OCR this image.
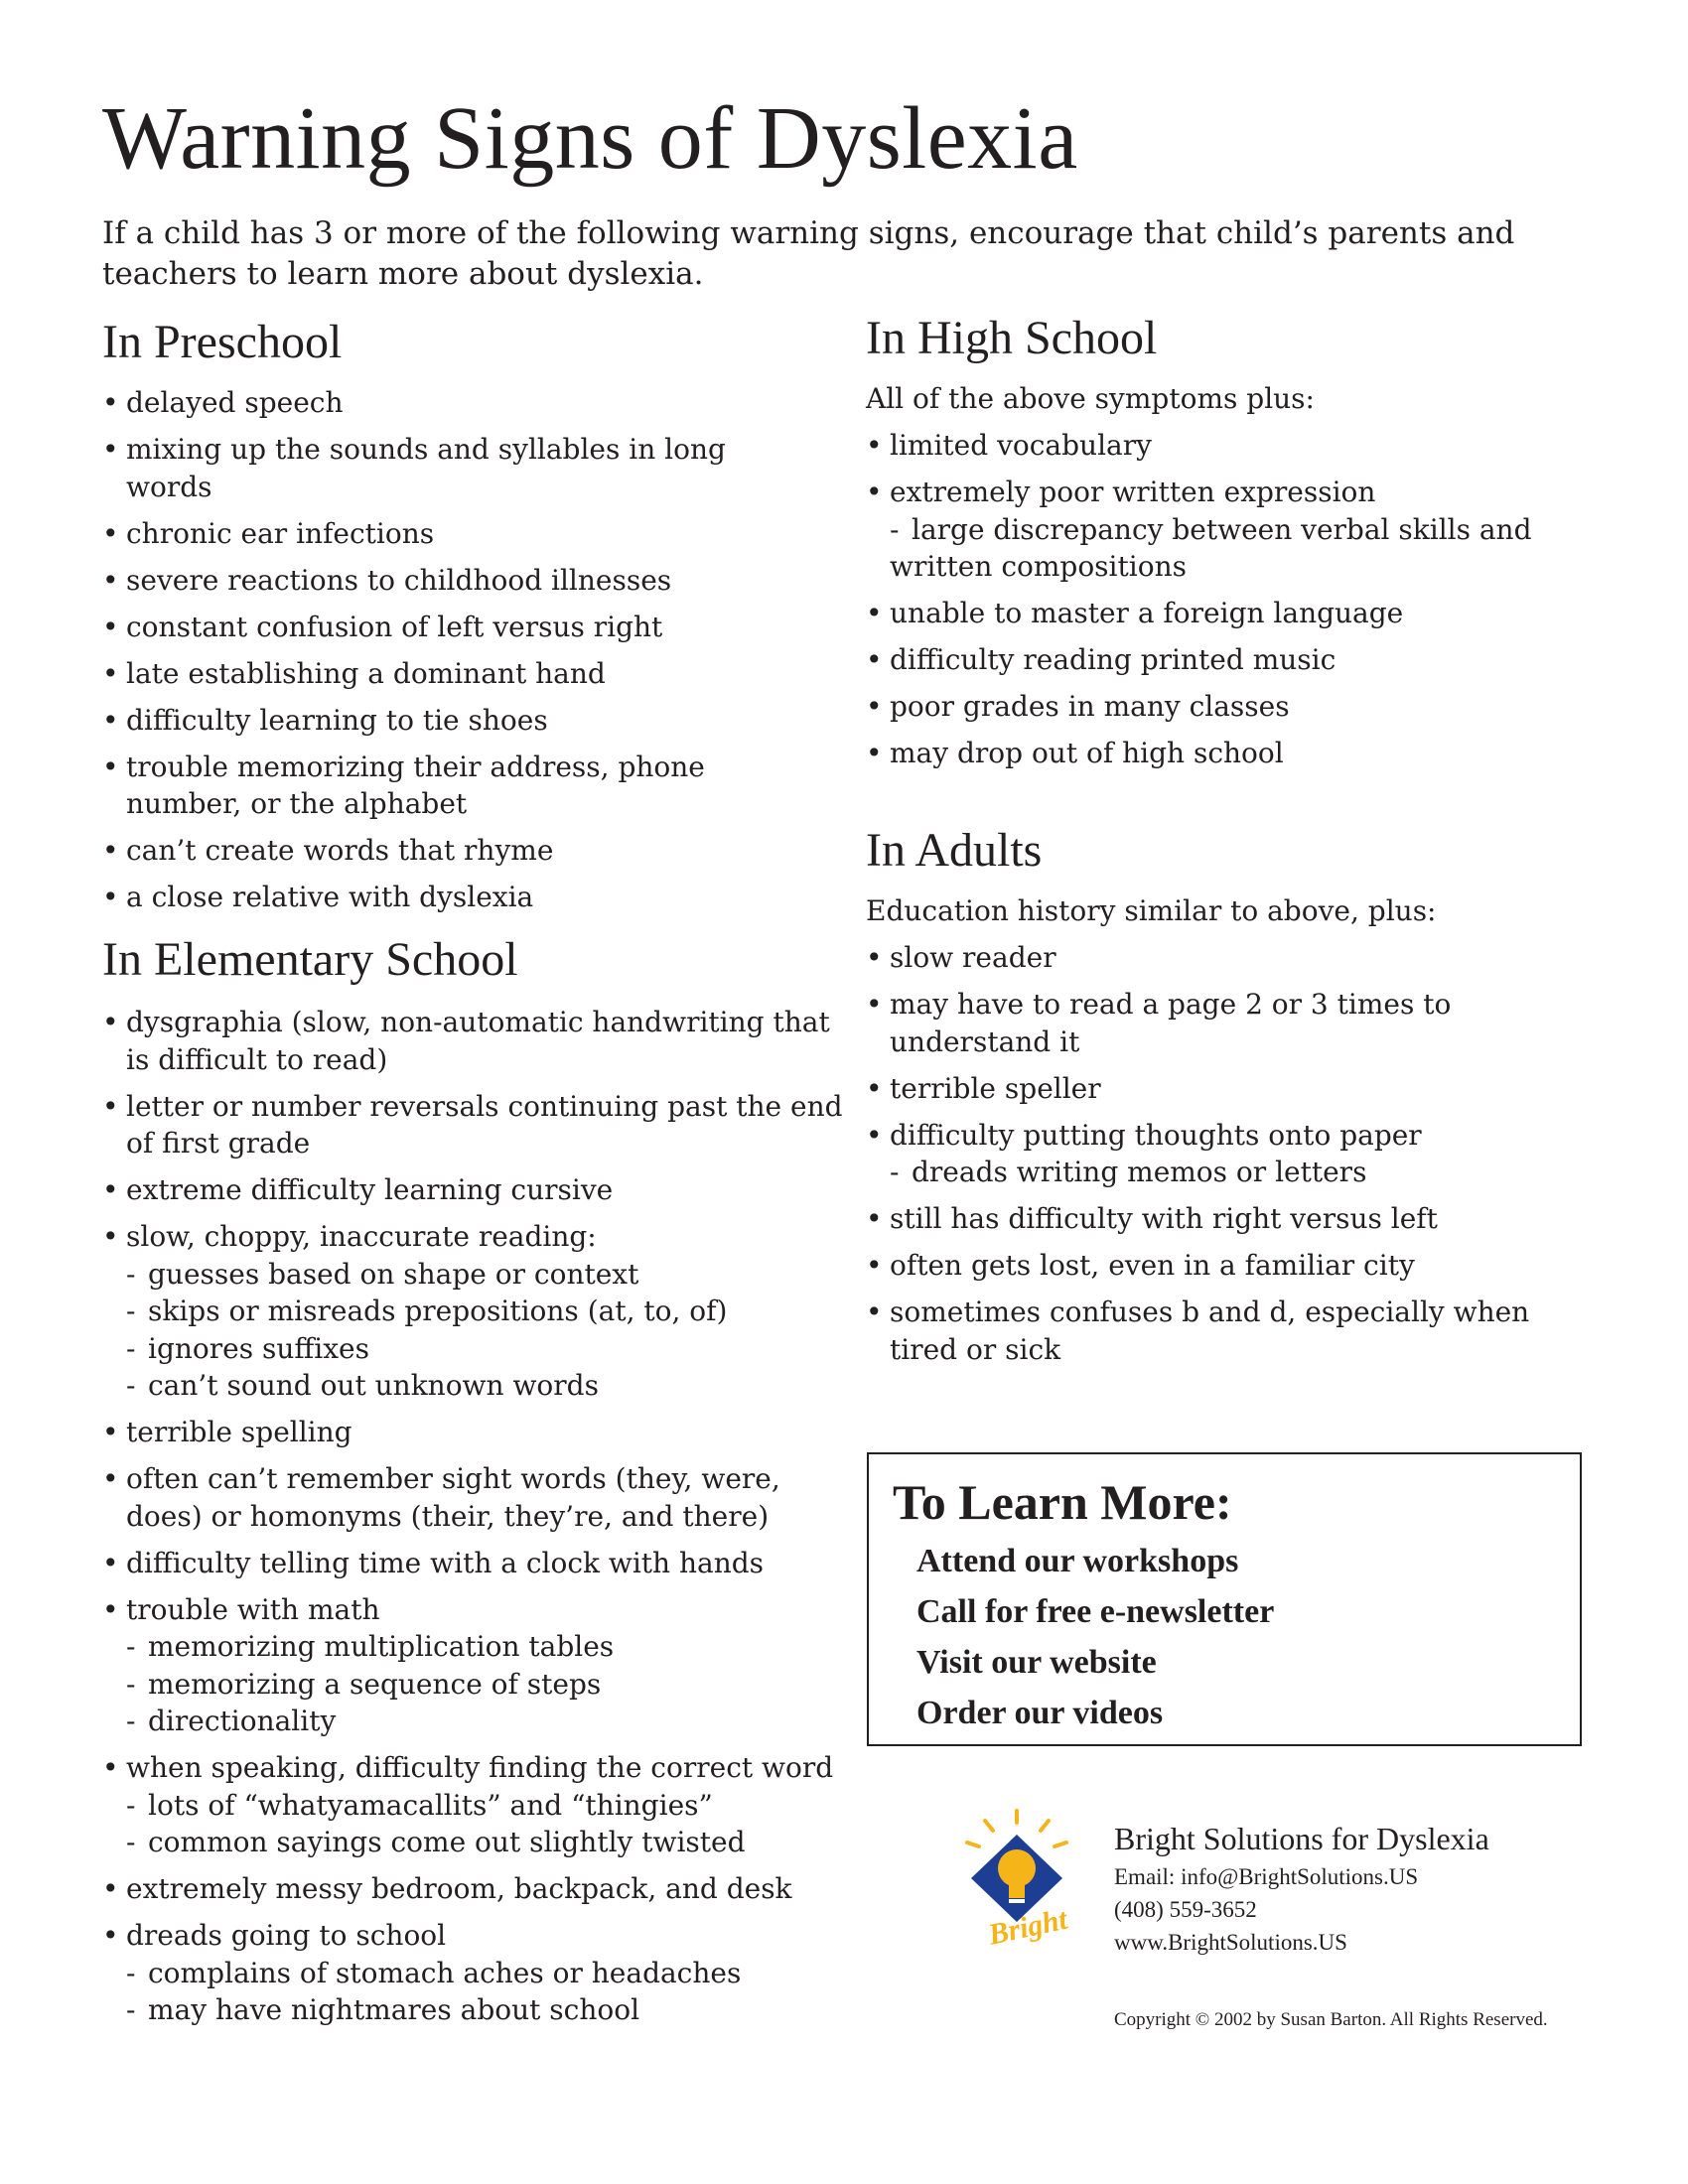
Warning Signs of Dyslexia

If a child has 3 or more of the following warning signs, encourage that child’s parents and teachers to learn more about dyslexia.

In Preschool
• delayed speech
• mixing up the sounds and syllables in long words
• chronic ear infections
• severe reactions to childhood illnesses
• constant confusion of left versus right
• late establishing a dominant hand
• difficulty learning to tie shoes
• trouble memorizing their address, phone number, or the alphabet
• can’t create words that rhyme
• a close relative with dyslexia
In Elementary School
• dysgraphia (slow, non-automatic handwriting that is difficult to read)
• letter or number reversals continuing past the end of first grade
• extreme difficulty learning cursive
• slow, choppy, inaccurate reading:
- guesses based on shape or context
- skips or misreads prepositions (at, to, of)
- ignores suffixes
- can’t sound out unknown words
• terrible spelling
• often can’t remember sight words (they, were, does) or homonyms (their, they’re, and there)
• difficulty telling time with a clock with hands
• trouble with math
- memorizing multiplication tables
- memorizing a sequence of steps
- directionality
• when speaking, difficulty finding the correct word
- lots of “whatyamacallits” and “thingies”
- common sayings come out slightly twisted
• extremely messy bedroom, backpack, and desk
• dreads going to school
- complains of stomach aches or headaches
- may have nightmares about school
In High School

All of the above symptoms plus:

• limited vocabulary
• extremely poor written expression
- large discrepancy between verbal skills and written compositions
• unable to master a foreign language
• difficulty reading printed music
• poor grades in many classes
• may drop out of high school
In Adults

Education history similar to above, plus:

• slow reader
• may have to read a page 2 or 3 times to understand it
• terrible speller
• difficulty putting thoughts onto paper
- dreads writing memos or letters
• still has difficulty with right versus left
• often gets lost, even in a familiar city
• sometimes confuses b and d, especially when tired or sick
To Learn More:
Attend our workshops
Call for free e-newsletter
Visit our website
Order our videos
Bright

Bright Solutions for Dyslexia

Email: info@BrightSolutions.US

(408) 559-3652

www.BrightSolutions.US

Copyright © 2002 by Susan Barton. All Rights Reserved.
